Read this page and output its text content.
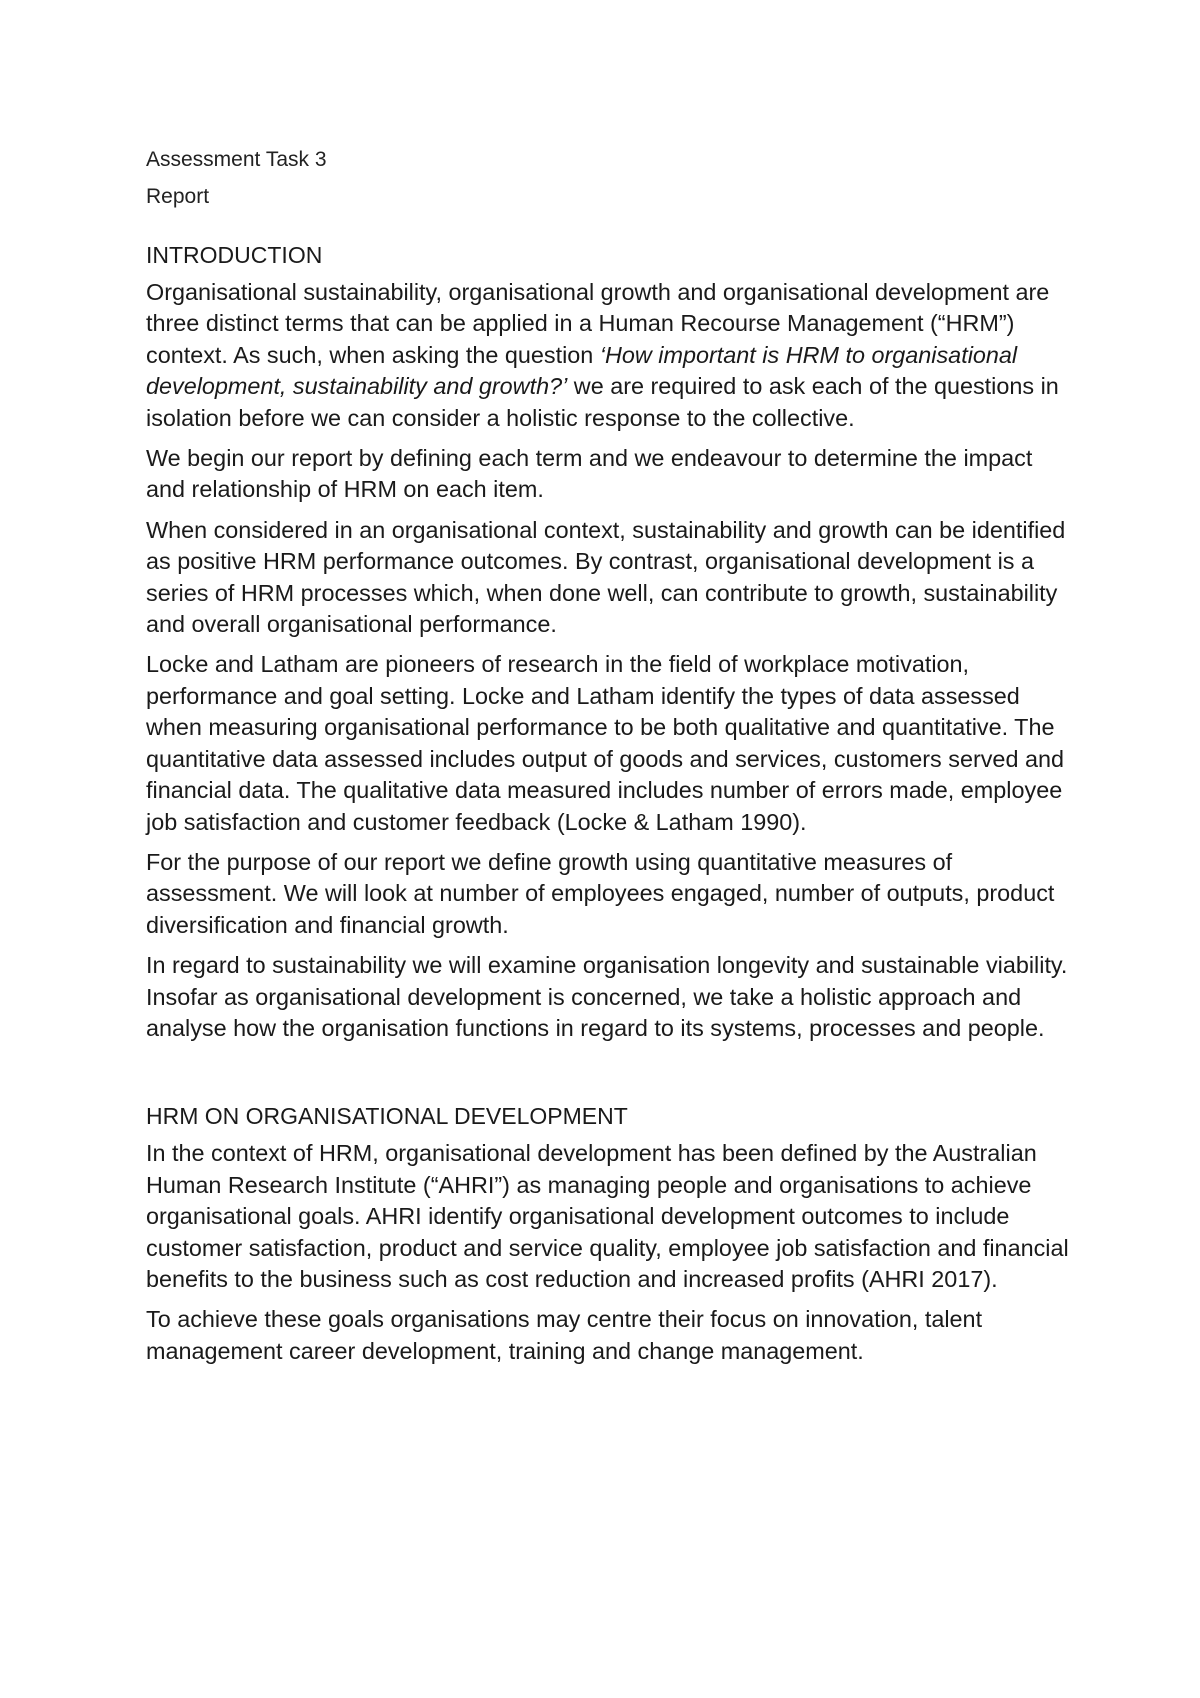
Assessment Task 3

Report

INTRODUCTION

Organisational sustainability, organisational growth and organisational development are three distinct terms that can be applied in a Human Recourse Management (“HRM”) context. As such, when asking the question ‘How important is HRM to organisational development, sustainability and growth?’ we are required to ask each of the questions in isolation before we can consider a holistic response to the collective.

We begin our report by defining each term and we endeavour to determine the impact and relationship of HRM on each item.

When considered in an organisational context, sustainability and growth can be identified as positive HRM performance outcomes. By contrast, organisational development is a series of HRM processes which, when done well, can contribute to growth, sustainability and overall organisational performance.

Locke and Latham are pioneers of research in the field of workplace motivation, performance and goal setting. Locke and Latham identify the types of data assessed when measuring organisational performance to be both qualitative and quantitative. The quantitative data assessed includes output of goods and services, customers served and financial data. The qualitative data measured includes number of errors made, employee job satisfaction and customer feedback (Locke & Latham 1990).

For the purpose of our report we define growth using quantitative measures of assessment. We will look at number of employees engaged, number of outputs, product diversification and financial growth.

In regard to sustainability we will examine organisation longevity and sustainable viability. Insofar as organisational development is concerned, we take a holistic approach and analyse how the organisation functions in regard to its systems, processes and people.

HRM ON ORGANISATIONAL DEVELOPMENT

In the context of HRM, organisational development has been defined by the Australian Human Research Institute (“AHRI”) as managing people and organisations to achieve organisational goals. AHRI identify organisational development outcomes to include customer satisfaction, product and service quality, employee job satisfaction and financial benefits to the business such as cost reduction and increased profits (AHRI 2017).

To achieve these goals organisations may centre their focus on innovation, talent management career development, training and change management.
